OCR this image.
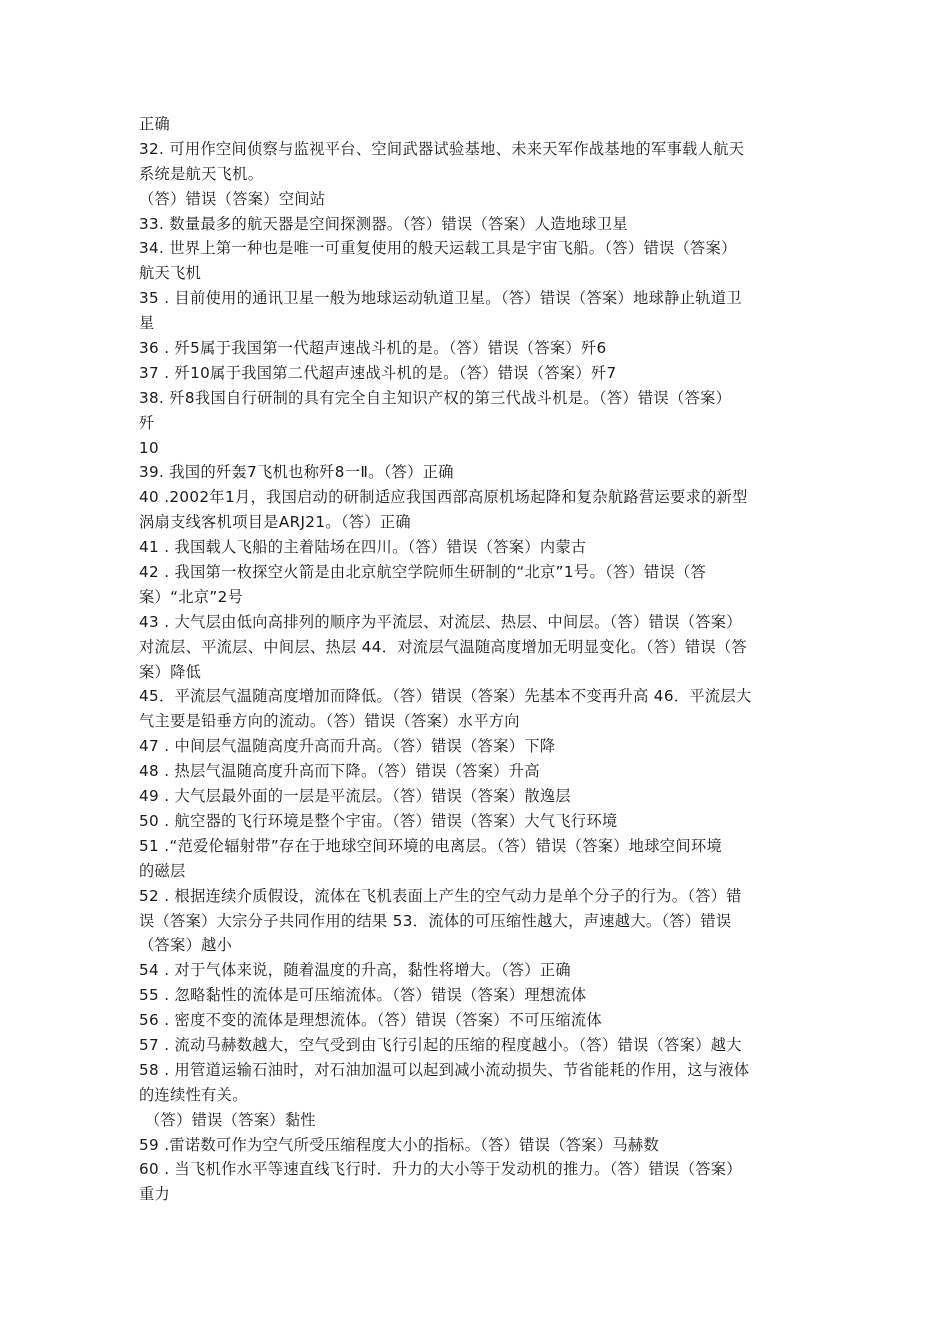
正确
32. 可用作空间侦察与监视平台、空间武器试验基地、未来天军作战基地的军事载人航天
系统是航天飞机。
（答）错误（答案）空间站
33. 数量最多的航天器是空间探测器。（答）错误（答案）人造地球卫星
34. 世界上第一种也是唯一可重复使用的般天运载工具是宇宙飞船。（答）错误（答案）
航天飞机
35 . 目前使用的通讯卫星一般为地球运动轨道卫星。（答）错误（答案）地球静止轨道卫
星
36 . 歼5属于我国第一代超声速战斗机的是。（答）错误（答案）歼6
37 . 歼10属于我国第二代超声速战斗机的是。（答）错误（答案）歼7
38. 歼8我国自行研制的具有完全自主知识产权的第三代战斗机是。（答）错误（答案）
歼
10
39. 我国的歼轰7飞机也称歼8一Ⅱ。（答）正确
40 .2002年1月，我国启动的研制适应我国西部高原机场起降和复杂航路营运要求的新型
涡扇支线客机项目是ARJ21。（答）正确
41 . 我国载人飞船的主着陆场在四川。（答）错误（答案）内蒙古
42 . 我国第一枚探空火箭是由北京航空学院师生研制的“北京”1号。（答）错误（答
案）“北京”2号
43 . 大气层由低向高排列的顺序为平流层、对流层、热层、中间层。（答）错误（答案）
对流层、平流层、中间层、热层 44．对流层气温随高度增加无明显变化。（答）错误（答
案）降低
45．平流层气温随高度增加而降低。（答）错误（答案）先基本不变再升高 46．平流层大
气主要是铅垂方向的流动。（答）错误（答案）水平方向
47 . 中间层气温随高度升高而升高。（答）错误（答案）下降
48 . 热层气温随高度升高而下降。（答）错误（答案）升高
49 . 大气层最外面的一层是平流层。（答）错误（答案）散逸层
50 . 航空器的飞行环境是整个宇宙。（答）错误（答案）大气飞行环境
51 .“范爱伦辐射带”存在于地球空间环境的电离层。（答）错误（答案）地球空间环境
的磁层
52 . 根据连续介质假设，流体在飞机表面上产生的空气动力是单个分子的行为。（答）错
误（答案）大宗分子共同作用的结果 53．流体的可压缩性越大，声速越大。（答）错误
（答案）越小
54 . 对于气体来说，随着温度的升高，黏性将增大。（答）正确
55 . 忽略黏性的流体是可压缩流体。（答）错误（答案）理想流体
56 . 密度不变的流体是理想流体。（答）错误（答案）不可压缩流体
57 . 流动马赫数越大，空气受到由飞行引起的压缩的程度越小。（答）错误（答案）越大
58 . 用管道运输石油时，对石油加温可以起到减小流动损失、节省能耗的作用，这与液体
的连续性有关。
（答）错误（答案）黏性
59 .雷诺数可作为空气所受压缩程度大小的指标。（答）错误（答案）马赫数
60 . 当飞机作水平等速直线飞行时．升力的大小等于发动机的推力。（答）错误（答案）
重力
